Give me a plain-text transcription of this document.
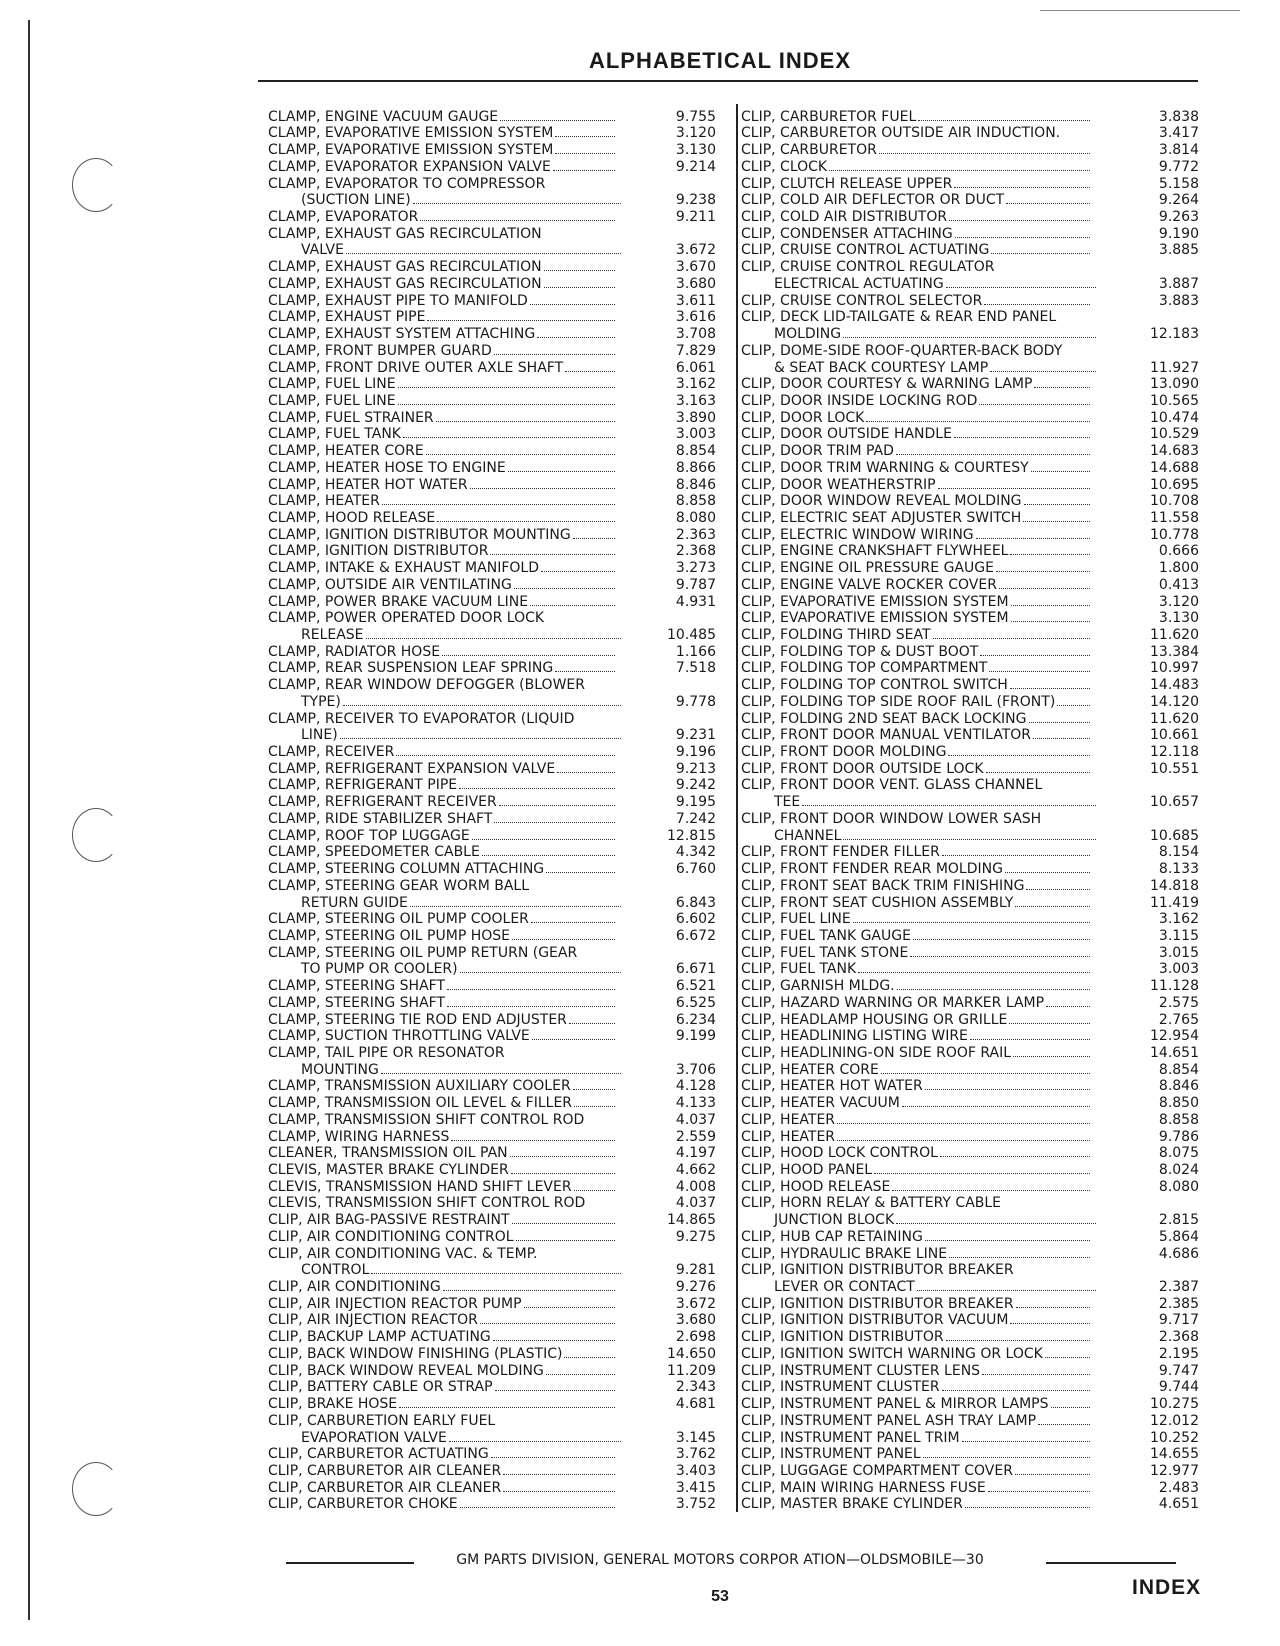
ALPHABETICAL INDEX
CLAMP, ENGINE VACUUM GAUGE	9.755
CLAMP, EVAPORATIVE EMISSION SYSTEM	3.120
CLAMP, EVAPORATIVE EMISSION SYSTEM	3.130
CLAMP, EVAPORATOR EXPANSION VALVE	9.214
CLAMP, EVAPORATOR TO COMPRESSOR
(SUCTION LINE)	9.238
CLAMP, EVAPORATOR	9.211
CLAMP, EXHAUST GAS RECIRCULATION
VALVE	3.672
CLAMP, EXHAUST GAS RECIRCULATION	3.670
CLAMP, EXHAUST GAS RECIRCULATION	3.680
CLAMP, EXHAUST PIPE TO MANIFOLD	3.611
CLAMP, EXHAUST PIPE	3.616
CLAMP, EXHAUST SYSTEM ATTACHING	3.708
CLAMP, FRONT BUMPER GUARD	7.829
CLAMP, FRONT DRIVE OUTER AXLE SHAFT	6.061
CLAMP, FUEL LINE	3.162
CLAMP, FUEL LINE	3.163
CLAMP, FUEL STRAINER	3.890
CLAMP, FUEL TANK	3.003
CLAMP, HEATER CORE	8.854
CLAMP, HEATER HOSE TO ENGINE	8.866
CLAMP, HEATER HOT WATER	8.846
CLAMP, HEATER	8.858
CLAMP, HOOD RELEASE	8.080
CLAMP, IGNITION DISTRIBUTOR MOUNTING	2.363
CLAMP, IGNITION DISTRIBUTOR	2.368
CLAMP, INTAKE & EXHAUST MANIFOLD	3.273
CLAMP, OUTSIDE AIR VENTILATING	9.787
CLAMP, POWER BRAKE VACUUM LINE	4.931
CLAMP, POWER OPERATED DOOR LOCK
RELEASE	10.485
CLAMP, RADIATOR HOSE	1.166
CLAMP, REAR SUSPENSION LEAF SPRING	7.518
CLAMP, REAR WINDOW DEFOGGER (BLOWER
TYPE)	9.778
CLAMP, RECEIVER TO EVAPORATOR (LIQUID
LINE)	9.231
CLAMP, RECEIVER	9.196
CLAMP, REFRIGERANT EXPANSION VALVE	9.213
CLAMP, REFRIGERANT PIPE	9.242
CLAMP, REFRIGERANT RECEIVER	9.195
CLAMP, RIDE STABILIZER SHAFT	7.242
CLAMP, ROOF TOP LUGGAGE	12.815
CLAMP, SPEEDOMETER CABLE	4.342
CLAMP, STEERING COLUMN ATTACHING	6.760
CLAMP, STEERING GEAR WORM BALL
RETURN GUIDE	6.843
CLAMP, STEERING OIL PUMP COOLER	6.602
CLAMP, STEERING OIL PUMP HOSE	6.672
CLAMP, STEERING OIL PUMP RETURN (GEAR
TO PUMP OR COOLER)	6.671
CLAMP, STEERING SHAFT	6.521
CLAMP, STEERING SHAFT	6.525
CLAMP, STEERING TIE ROD END ADJUSTER	6.234
CLAMP, SUCTION THROTTLING VALVE	9.199
CLAMP, TAIL PIPE OR RESONATOR
MOUNTING	3.706
CLAMP, TRANSMISSION AUXILIARY COOLER	4.128
CLAMP, TRANSMISSION OIL LEVEL & FILLER	4.133
CLAMP, TRANSMISSION SHIFT CONTROL ROD	4.037
CLAMP, WIRING HARNESS	2.559
CLEANER, TRANSMISSION OIL PAN	4.197
CLEVIS, MASTER BRAKE CYLINDER	4.662
CLEVIS, TRANSMISSION HAND SHIFT LEVER	4.008
CLEVIS, TRANSMISSION SHIFT CONTROL ROD	4.037
CLIP, AIR BAG-PASSIVE RESTRAINT	14.865
CLIP, AIR CONDITIONING CONTROL	9.275
CLIP, AIR CONDITIONING VAC. & TEMP.
CONTROL	9.281
CLIP, AIR CONDITIONING	9.276
CLIP, AIR INJECTION REACTOR PUMP	3.672
CLIP, AIR INJECTION REACTOR	3.680
CLIP, BACKUP LAMP ACTUATING	2.698
CLIP, BACK WINDOW FINISHING (PLASTIC)	14.650
CLIP, BACK WINDOW REVEAL MOLDING	11.209
CLIP, BATTERY CABLE OR STRAP	2.343
CLIP, BRAKE HOSE	4.681
CLIP, CARBURETION EARLY FUEL
EVAPORATION VALVE	3.145
CLIP, CARBURETOR ACTUATING	3.762
CLIP, CARBURETOR AIR CLEANER	3.403
CLIP, CARBURETOR AIR CLEANER	3.415
CLIP, CARBURETOR CHOKE	3.752
CLIP, CARBURETOR FUEL	3.838
CLIP, CARBURETOR OUTSIDE AIR INDUCTION.	3.417
CLIP, CARBURETOR	3.814
CLIP, CLOCK	9.772
CLIP, CLUTCH RELEASE UPPER	5.158
CLIP, COLD AIR DEFLECTOR OR DUCT	9.264
CLIP, COLD AIR DISTRIBUTOR	9.263
CLIP, CONDENSER ATTACHING	9.190
CLIP, CRUISE CONTROL ACTUATING	3.885
CLIP, CRUISE CONTROL REGULATOR
ELECTRICAL ACTUATING	3.887
CLIP, CRUISE CONTROL SELECTOR	3.883
CLIP, DECK LID-TAILGATE & REAR END PANEL
MOLDING	12.183
CLIP, DOME-SIDE ROOF-QUARTER-BACK BODY
& SEAT BACK COURTESY LAMP	11.927
CLIP, DOOR COURTESY & WARNING LAMP	13.090
CLIP, DOOR INSIDE LOCKING ROD	10.565
CLIP, DOOR LOCK	10.474
CLIP, DOOR OUTSIDE HANDLE	10.529
CLIP, DOOR TRIM PAD	14.683
CLIP, DOOR TRIM WARNING & COURTESY	14.688
CLIP, DOOR WEATHERSTRIP	10.695
CLIP, DOOR WINDOW REVEAL MOLDING	10.708
CLIP, ELECTRIC SEAT ADJUSTER SWITCH	11.558
CLIP, ELECTRIC WINDOW WIRING	10.778
CLIP, ENGINE CRANKSHAFT FLYWHEEL	0.666
CLIP, ENGINE OIL PRESSURE GAUGE	1.800
CLIP, ENGINE VALVE ROCKER COVER	0.413
CLIP, EVAPORATIVE EMISSION SYSTEM	3.120
CLIP, EVAPORATIVE EMISSION SYSTEM	3.130
CLIP, FOLDING THIRD SEAT	11.620
CLIP, FOLDING TOP & DUST BOOT	13.384
CLIP, FOLDING TOP COMPARTMENT	10.997
CLIP, FOLDING TOP CONTROL SWITCH	14.483
CLIP, FOLDING TOP SIDE ROOF RAIL (FRONT)	14.120
CLIP, FOLDING 2ND SEAT BACK LOCKING	11.620
CLIP, FRONT DOOR MANUAL VENTILATOR	10.661
CLIP, FRONT DOOR MOLDING	12.118
CLIP, FRONT DOOR OUTSIDE LOCK	10.551
CLIP, FRONT DOOR VENT. GLASS CHANNEL
TEE	10.657
CLIP, FRONT DOOR WINDOW LOWER SASH
CHANNEL	10.685
CLIP, FRONT FENDER FILLER	8.154
CLIP, FRONT FENDER REAR MOLDING	8.133
CLIP, FRONT SEAT BACK TRIM FINISHING	14.818
CLIP, FRONT SEAT CUSHION ASSEMBLY	11.419
CLIP, FUEL LINE	3.162
CLIP, FUEL TANK GAUGE	3.115
CLIP, FUEL TANK STONE	3.015
CLIP, FUEL TANK	3.003
CLIP, GARNISH MLDG.	11.128
CLIP, HAZARD WARNING OR MARKER LAMP	2.575
CLIP, HEADLAMP HOUSING OR GRILLE	2.765
CLIP, HEADLINING LISTING WIRE	12.954
CLIP, HEADLINING-ON SIDE ROOF RAIL	14.651
CLIP, HEATER CORE	8.854
CLIP, HEATER HOT WATER	8.846
CLIP, HEATER VACUUM	8.850
CLIP, HEATER	8.858
CLIP, HEATER	9.786
CLIP, HOOD LOCK CONTROL	8.075
CLIP, HOOD PANEL	8.024
CLIP, HOOD RELEASE	8.080
CLIP, HORN RELAY & BATTERY CABLE
JUNCTION BLOCK	2.815
CLIP, HUB CAP RETAINING	5.864
CLIP, HYDRAULIC BRAKE LINE	4.686
CLIP, IGNITION DISTRIBUTOR BREAKER
LEVER OR CONTACT	2.387
CLIP, IGNITION DISTRIBUTOR BREAKER	2.385
CLIP, IGNITION DISTRIBUTOR VACUUM	9.717
CLIP, IGNITION DISTRIBUTOR	2.368
CLIP, IGNITION SWITCH WARNING OR LOCK	2.195
CLIP, INSTRUMENT CLUSTER LENS	9.747
CLIP, INSTRUMENT CLUSTER	9.744
CLIP, INSTRUMENT PANEL & MIRROR LAMPS	10.275
CLIP, INSTRUMENT PANEL ASH TRAY LAMP	12.012
CLIP, INSTRUMENT PANEL TRIM	10.252
CLIP, INSTRUMENT PANEL	14.655
CLIP, LUGGAGE COMPARTMENT COVER	12.977
CLIP, MAIN WIRING HARNESS FUSE	2.483
CLIP, MASTER BRAKE CYLINDER	4.651
GM PARTS DIVISION, GENERAL MOTORS CORPOR ATION—OLDSMOBILE—30
53	INDEX
